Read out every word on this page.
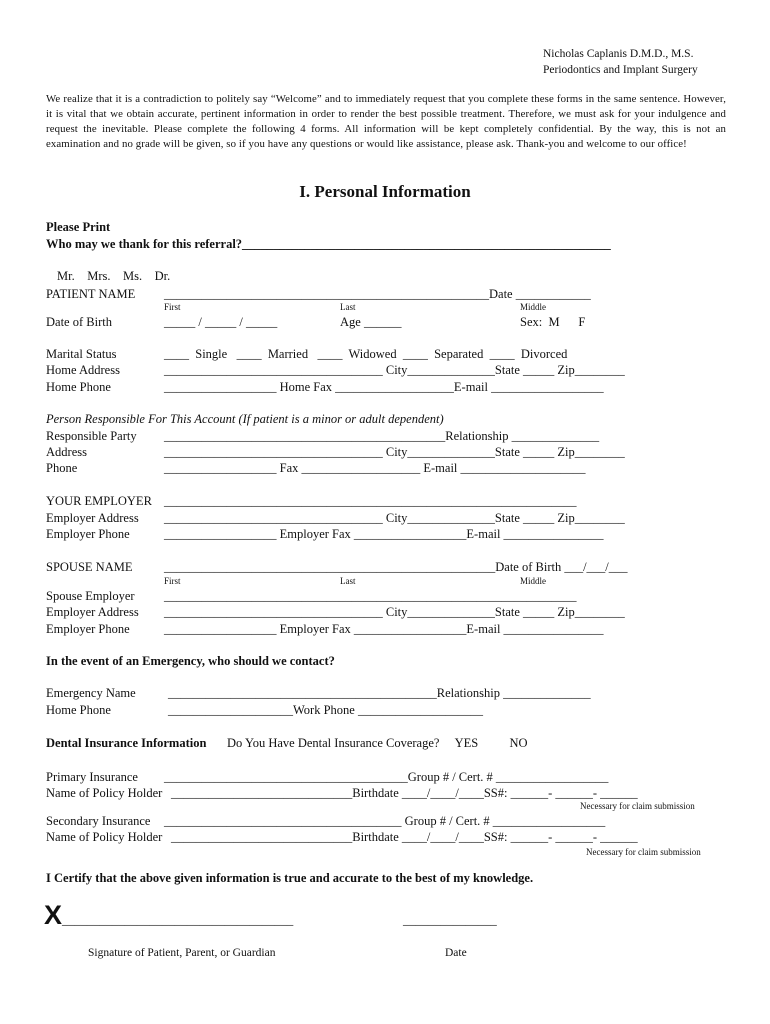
Nicholas Caplanis D.M.D., M.S.
Periodontics and Implant Surgery
We realize that it is a contradiction to politely say “Welcome” and to immediately request that you complete these forms in the same sentence. However, it is vital that we obtain accurate, pertinent information in order to render the best possible treatment. Therefore, we must ask for your indulgence and request the inevitable. Please complete the following 4 forms. All information will be kept completely confidential. By the way, this is not an examination and no grade will be given, so if you have any questions or would like assistance, please ask. Thank-you and welcome to our office!
I. Personal Information
Please Print
Who may we thank for this referral?___________________________________________________________
Mr.    Mrs.    Ms.    Dr.
PATIENT NAME ____________________________________________________Date ____________
First	Last	Middle
Date of Birth	_____ / _____ / _____	Age ______	Sex:  M      F
Marital Status	____  Single   ____  Married   ____  Widowed  ____  Separated  ____  Divorced
Home Address	___________________________________ City______________State _____ Zip________
Home Phone	__________________ Home Fax ___________________E-mail __________________
Person Responsible For This Account (If patient is a minor or adult dependent)
Responsible Party _____________________________________________Relationship ______________
Address	___________________________________ City______________State _____ Zip________
Phone	__________________ Fax ___________________ E-mail ____________________
YOUR EMPLOYER __________________________________________________________________
Employer Address ___________________________________ City______________State _____ Zip________
Employer Phone	__________________ Employer Fax __________________E-mail ________________
SPOUSE NAME	_____________________________________________________Date of Birth ___/___/___
First	Last	Middle
Spouse Employer __________________________________________________________________
Employer Address ___________________________________ City______________State _____ Zip________
Employer Phone	__________________ Employer Fax __________________E-mail ________________
In the event of an Emergency, who should we contact?
Emergency Name	___________________________________________Relationship ______________
Home Phone	____________________Work Phone ____________________
Dental Insurance Information Do You Have Dental Insurance Coverage?     YES          NO
Primary Insurance _______________________________________Group # / Cert. # __________________
Name of Policy Holder _____________________________Birthdate ____/____/____SS#: ______- ______- ______
Necessary for claim submission
Secondary Insurance ______________________________________ Group # / Cert. # __________________
Name of Policy Holder _____________________________Birthdate ____/____/____SS#: ______- ______- ______
Necessary for claim submission
I Certify that the above given information is true and accurate to the best of my knowledge.
X _____________________________________	_______________
Signature of Patient, Parent, or Guardian	Date
